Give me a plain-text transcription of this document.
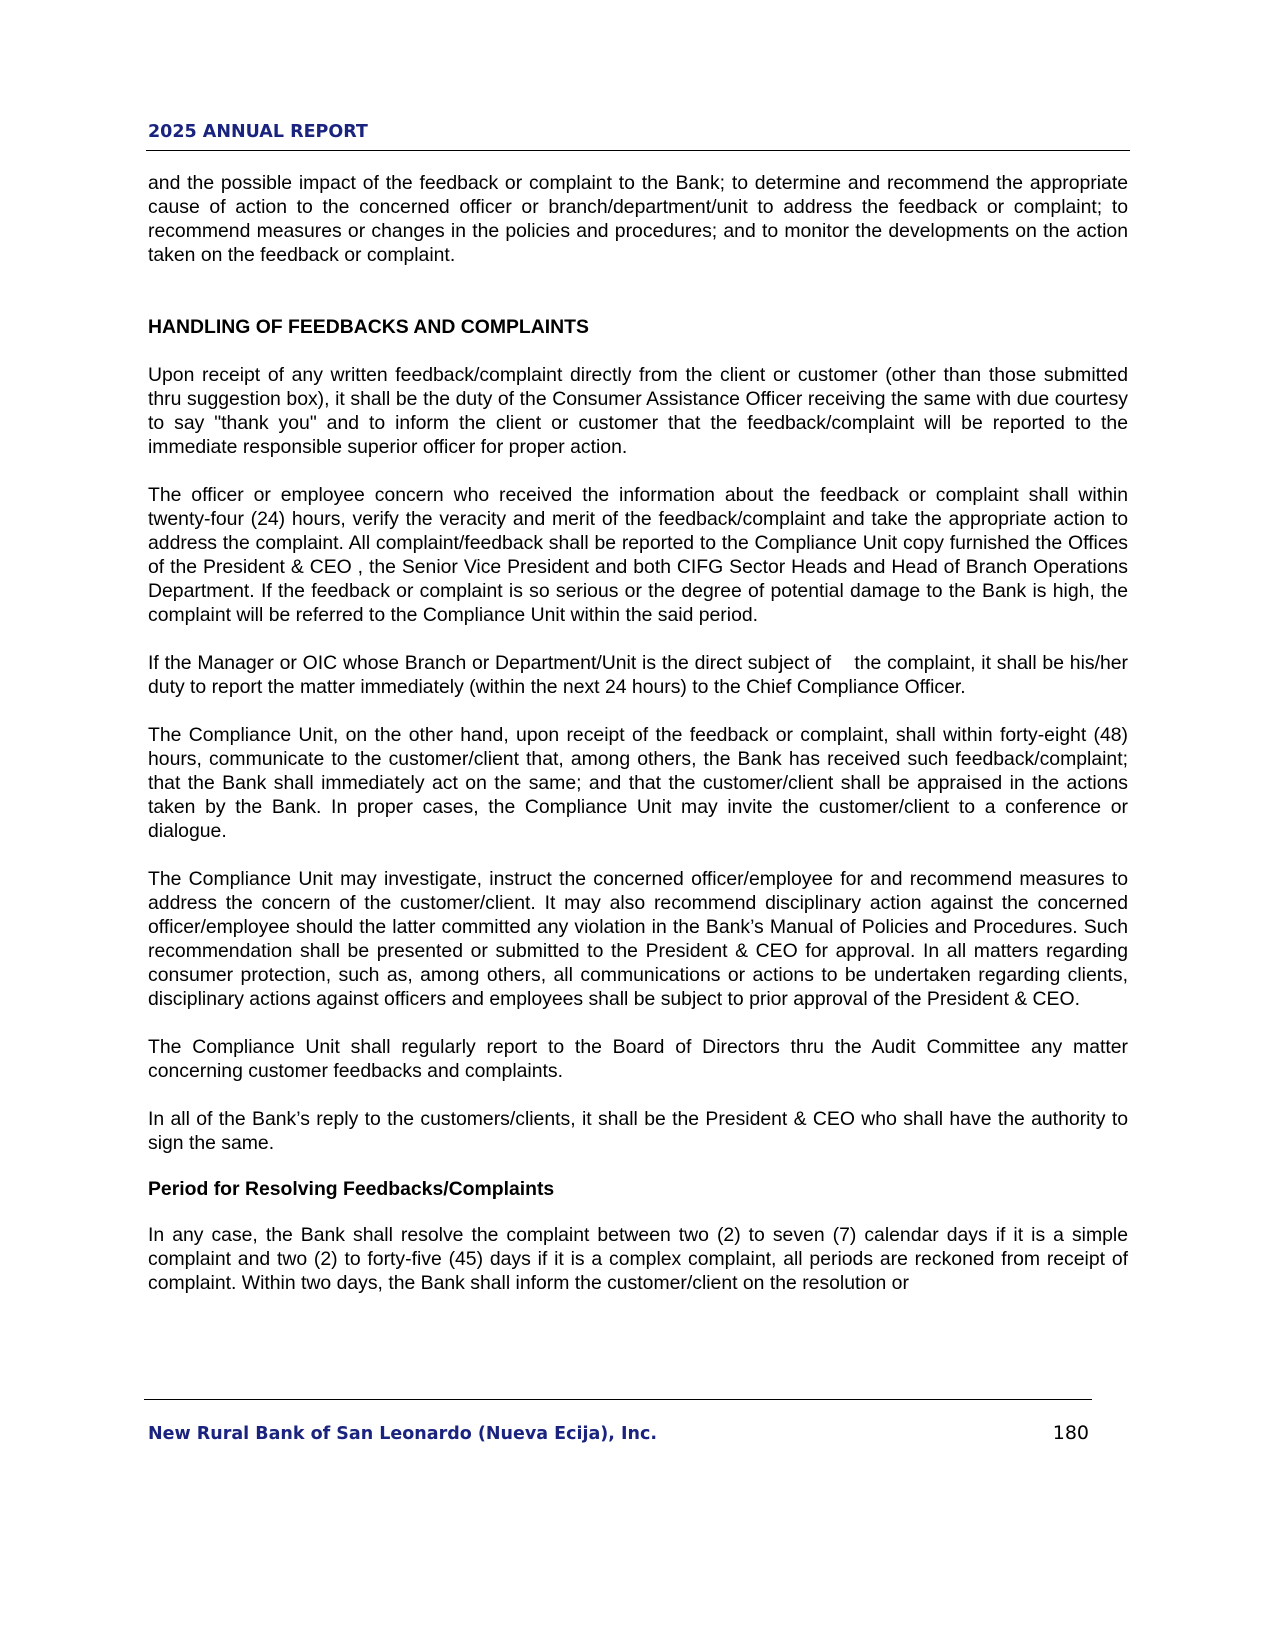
2025 ANNUAL REPORT

and the possible impact of the feedback or complaint to the Bank; to determine and recommend the appropriate cause of action to the concerned officer or branch/department/unit to address the feedback or complaint; to recommend measures or changes in the policies and procedures; and to monitor the developments on the action taken on the feedback or complaint.

HANDLING OF FEEDBACKS AND COMPLAINTS

Upon receipt of any written feedback/complaint directly from the client or customer (other than those submitted thru suggestion box), it shall be the duty of the Consumer Assistance Officer receiving the same with due courtesy to say "thank you" and to inform the client or customer that the feedback/complaint will be reported to the immediate responsible superior officer for proper action.

The officer or employee concern who received the information about the feedback or complaint shall within twenty-four (24) hours, verify the veracity and merit of the feedback/complaint and take the appropriate action to address the complaint. All complaint/feedback shall be reported to the Compliance Unit copy furnished the Offices of the President & CEO , the Senior Vice President and both CIFG Sector Heads and Head of Branch Operations Department. If the feedback or complaint is so serious or the degree of potential damage to the Bank is high, the complaint will be referred to the Compliance Unit within the said period.

If the Manager or OIC whose Branch or Department/Unit is the direct subject of    the complaint, it shall be his/her duty to report the matter immediately (within the next 24 hours) to the Chief Compliance Officer.

The Compliance Unit, on the other hand, upon receipt of the feedback or complaint, shall within forty-eight (48) hours, communicate to the customer/client that, among others, the Bank has received such feedback/complaint; that the Bank shall immediately act on the same; and that the customer/client shall be appraised in the actions taken by the Bank. In proper cases, the Compliance Unit may invite the customer/client to a conference or dialogue.

The Compliance Unit may investigate, instruct the concerned officer/employee for and recommend measures to address the concern of the customer/client. It may also recommend disciplinary action against the concerned officer/employee should the latter committed any violation in the Bank’s Manual of Policies and Procedures. Such recommendation shall be presented or submitted to the President & CEO for approval. In all matters regarding consumer protection, such as, among others, all communications or actions to be undertaken regarding clients, disciplinary actions against officers and employees shall be subject to prior approval of the President & CEO.

The Compliance Unit shall regularly report to the Board of Directors thru the Audit Committee any matter concerning customer feedbacks and complaints.

In all of the Bank’s reply to the customers/clients, it shall be the President & CEO who shall have the authority to sign the same.

Period for Resolving Feedbacks/Complaints

In any case, the Bank shall resolve the complaint between two (2) to seven (7) calendar days if it is a simple complaint and two (2) to forty-five (45) days if it is a complex complaint, all periods are reckoned from receipt of complaint. Within two days, the Bank shall inform the customer/client on the resolution or

New Rural Bank of San Leonardo (Nueva Ecija), Inc.	180
